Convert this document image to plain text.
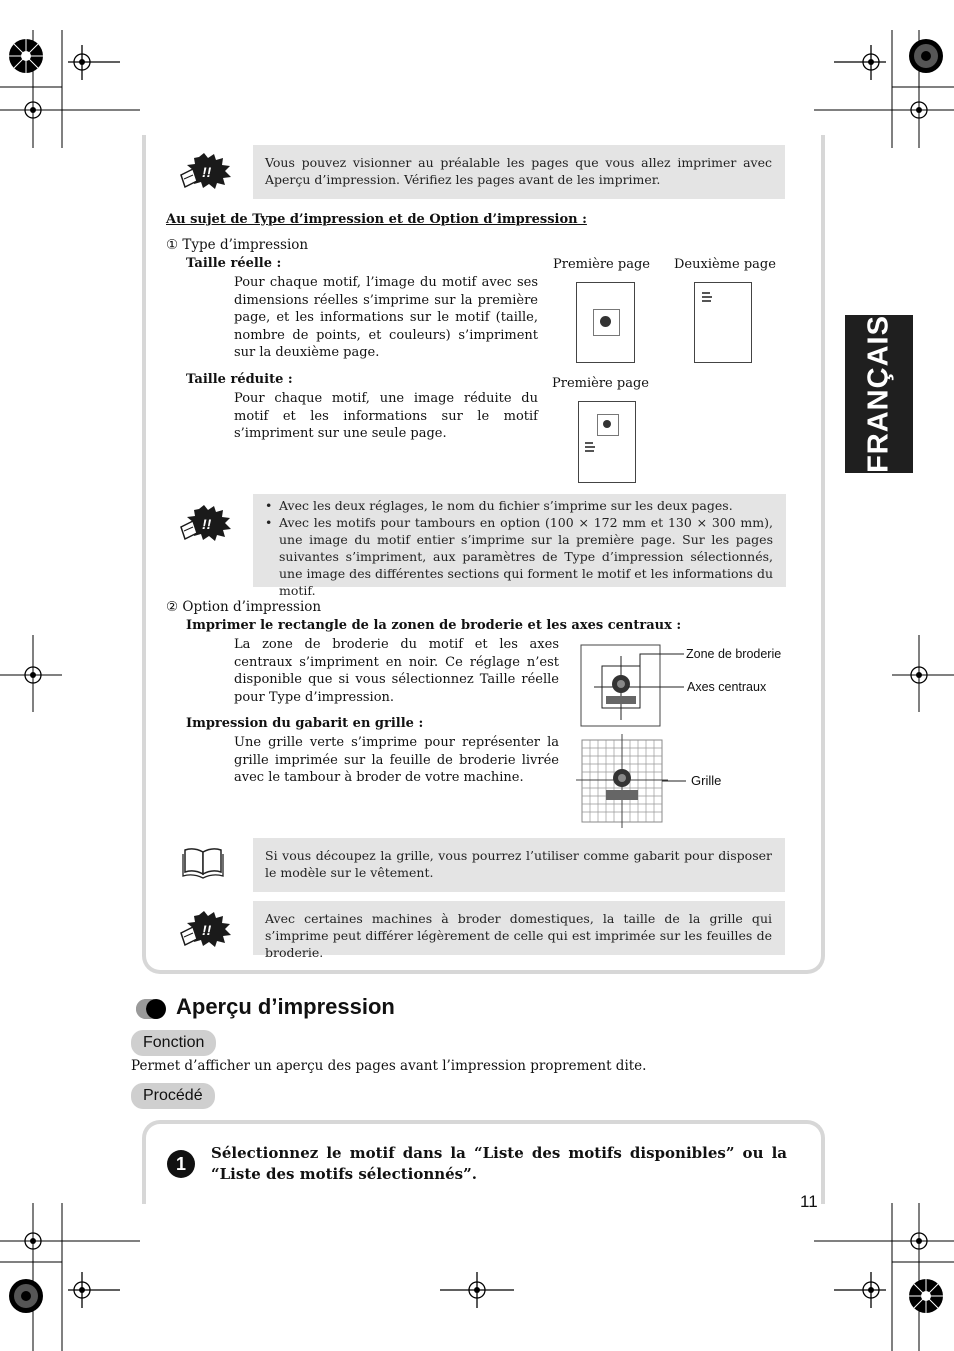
FRANÇAIS
!!
Vous pouvez visionner au préalable les pages que vous allez imprimer avec Aperçu d’impression. Vérifiez les pages avant de les imprimer.
Au sujet de Type d’impression et de Option d’impression :
① Type d’impression
Taille réelle :
Pour chaque motif, l’image du motif avec ses dimensions réelles s’imprime sur la première page, et les informations sur le motif (taille, nombre de points, et couleurs) s’impriment sur la deuxième page.
Taille réduite :
Pour chaque motif, une image réduite du motif et les informations sur le motif s’impriment sur une seule page.
Première page Deuxième page
Première page
!!
• Avec les deux réglages, le nom du fichier s’imprime sur les deux pages.
• Avec les motifs pour tambours en option (100 × 172 mm et 130 × 300 mm), une image du motif entier s’imprime sur la première page. Sur les pages suivantes s’impriment, aux paramètres de Type d’impression sélectionnés, une image des différentes sections qui forment le motif et les informations du motif.
② Option d’impression
Imprimer le rectangle de la zonen de broderie et les axes centraux :
La zone de broderie du motif et les axes centraux s’impriment en noir. Ce réglage n’est disponible que si vous sélectionnez Taille réelle pour Type d’impression.
Impression du gabarit en grille :
Une grille verte s’imprime pour représenter la grille imprimée sur la feuille de broderie livrée avec le tambour à broder de votre machine.
Zone de broderie
Axes centraux
Grille
Si vous découpez la grille, vous pourrez l’utiliser comme gabarit pour disposer le modèle sur le vêtement.
!!
Avec certaines machines à broder domestiques, la taille de la grille qui s’imprime peut différer légèrement de celle qui est imprimée sur les feuilles de broderie.
Aperçu d’impression
Fonction
Permet d’afficher un aperçu des pages avant l’impression proprement dite.
Procédé
1
Sélectionnez le motif dans la “Liste des motifs disponibles” ou la “Liste des motifs sélectionnés”.
11
